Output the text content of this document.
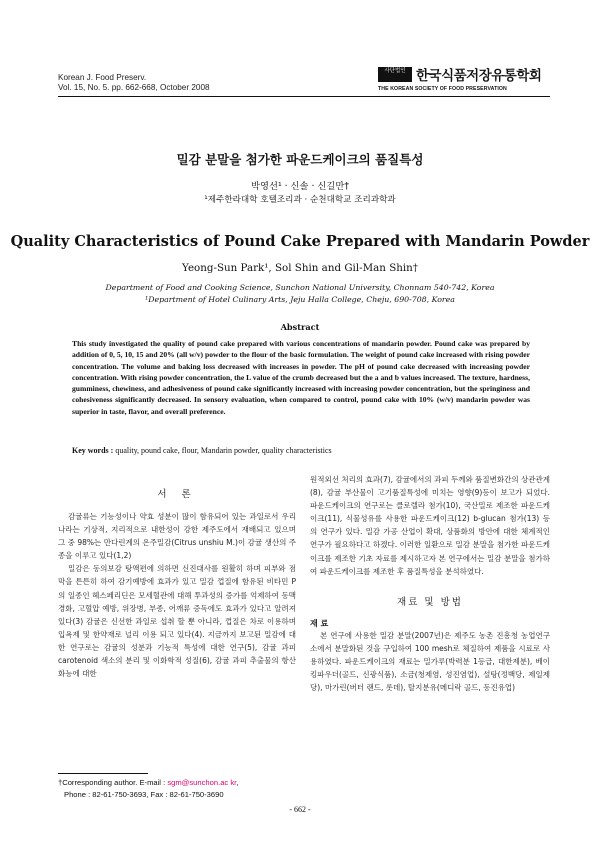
Korean J. Food Preserv.
Vol. 15, No. 5. pp. 662-668, October 2008
사단법인 한국식품저장유통학회
THE KOREAN SOCIETY OF FOOD PRESERVATION
밀감 분말을 첨가한 파운드케이크의 품질특성
박영선¹ · 신솔 · 신길만†
¹제주한라대학 호텔조리과 · 순천대학교 조리과학과
Quality Characteristics of Pound Cake Prepared with Mandarin Powder
Yeong-Sun Park¹, Sol Shin and Gil-Man Shin†
Department of Food and Cooking Science, Sunchon National University, Chonnam 540-742, Korea
¹Department of Hotel Culinary Arts, Jeju Halla College, Cheju, 690-708, Korea
Abstract
This study investigated the quality of pound cake prepared with various concentrations of mandarin powder. Pound cake was prepared by addition of 0, 5, 10, 15 and 20% (all w/v) powder to the flour of the basic formulation. The weight of pound cake increased with rising powder concentration. The volume and baking loss decreased with increases in powder. The pH of pound cake decreased with increasing powder concentration. With rising powder concentration, the L value of the crumb decreased but the a and b values increased. The texture, hardness, gumminess, chewiness, and adhesiveness of pound cake significantly increased with increasing powder concentration, but the springiness and cohesiveness significantly decreased. In sensory evaluation, when compared to control, pound cake with 10% (w/v) mandarin powder was superior in taste, flavor, and overall preference.
Key words : quality, pound cake, flour, Mandarin powder, quality characteristics
서 론
감귤류는 기능성이나 약효 성분이 많이 함유되어 있는 과일로서 우리나라는 기상적, 지리적으로 내한성이 강한 제주도에서 재배되고 있으며 그 중 98%는 만다린계의 온주밀감(Citrus unshiu M.)이 감귤 생산의 주종을 이루고 있다(1,2)
밀감은 동의보감 탕액편에 의하면 신진대사를 원활히 하며 피부와 점막을 튼튼히 하여 감기예방에 효과가 있고 밀감 껍질에 함유된 비타민 P의 일종인 헤스페리딘은 모세혈관에 대해 투과성의 증가를 억제하여 동맥경화, 고혈압 예방, 위장병, 부종, 어깨류 증독에도 효과가 있다고 알려져 있다(3) 감귤은 신선한 과일로 섭취 할 뿐 아니라, 껍질은 차로 이용하며 입욕제 및 한약재로 널리 이용 되고 있다(4). 지금까지 보고된 밀감에 대한 연구로는 감귤의 성분과 기능적 특성에 대한 연구(5), 감귤 과피 carotenoid 색소의 분리 및 이화학적 성질(6), 감귤 과피 추출물의 항산화능에 대한
원적외선 처리의 효과(7), 감귤에서의 과피 두께와 품질변화간의 상관관계(8), 감귤 부산물이 고기품질특성에 미치는 영향(9)등이 보고가 되었다. 파운드케이크의 연구로는 클로렐라 첨가(10), 국산밀로 제조한 파운드케이크(11), 식물성유를 사용한 파운드케이크(12) b-glucan 첨가(13) 등의 연구가 있다. 밀감 가공 산업이 확대, 상품화의 방안에 대한 체계적인 연구가 필요하다고 하겠다. 이러한 일환으로 밀감 분말을 첨가한 파운드케이크를 제조한 기초 자료를 제시하고자 본 연구에서는 밀감 분말을 첨가하여 파운드케이크를 제조한 후 품질특성을 분석하였다.
재료 및 방법
재 료
본 연구에 사용한 밀감 분말(2007년)은 제주도 농촌 진흥청 농업연구소에서 분말화된 것을 구입하여 100 mesh로 체질하여 제품을 시료로 사용하였다. 파운드케이크의 재료는 밀가루(박력분 1등급, 대한제분), 베이킹파우더(골드, 신광식품), 소금(청제염, 성진염업), 설탕(정백당, 제일제당), 마가린(버터 랜드, 롯데), 탈지분유(메디락 골드, 동진유업)
†Corresponding author. E-mail : sgm@sunchon.ac kr,
Phone : 82-61-750-3693, Fax : 82-61-750-3690
- 662 -
